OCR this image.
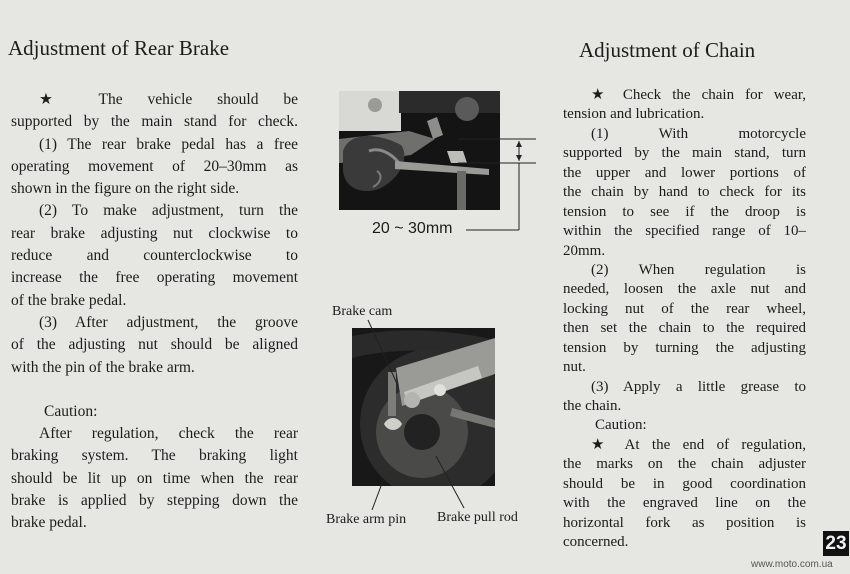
Adjustment of Rear Brake	Adjustment of Chain
★ The vehicle should be
supported by the main stand for check.
(1) The rear brake pedal has a free
operating movement of 20–30mm as
shown in the figure on the right side.
(2) To make adjustment, turn the
rear brake adjusting nut clockwise to
reduce and counterclockwise to
increase the free operating movement
of the brake pedal.
(3) After adjustment, the groove
of the adjusting nut should be aligned
with the pin of the brake arm.
Caution:
After regulation, check the rear
braking system. The braking light
should be lit up on time when the rear
brake is applied by stepping down the
brake pedal.
20 ~ 30mm
Brake cam
Brake arm pin Brake pull rod
★ Check the chain for wear,
tension and lubrication.
(1) With motorcycle
supported by the main stand, turn
the upper and lower portions of
the chain by hand to check for its
tension to see if the droop is
within the specified range of 10–
20mm.
(2) When regulation is
needed, loosen the axle nut and
locking nut of the rear wheel,
then set the chain to the required
tension by turning the adjusting
nut.
(3) Apply a little grease to
the chain.
Caution:
★ At the end of regulation,
the marks on the chain adjuster
should be in good coordination
with the engraved line on the
horizontal fork as position is
concerned.	23
www.moto.com.ua
